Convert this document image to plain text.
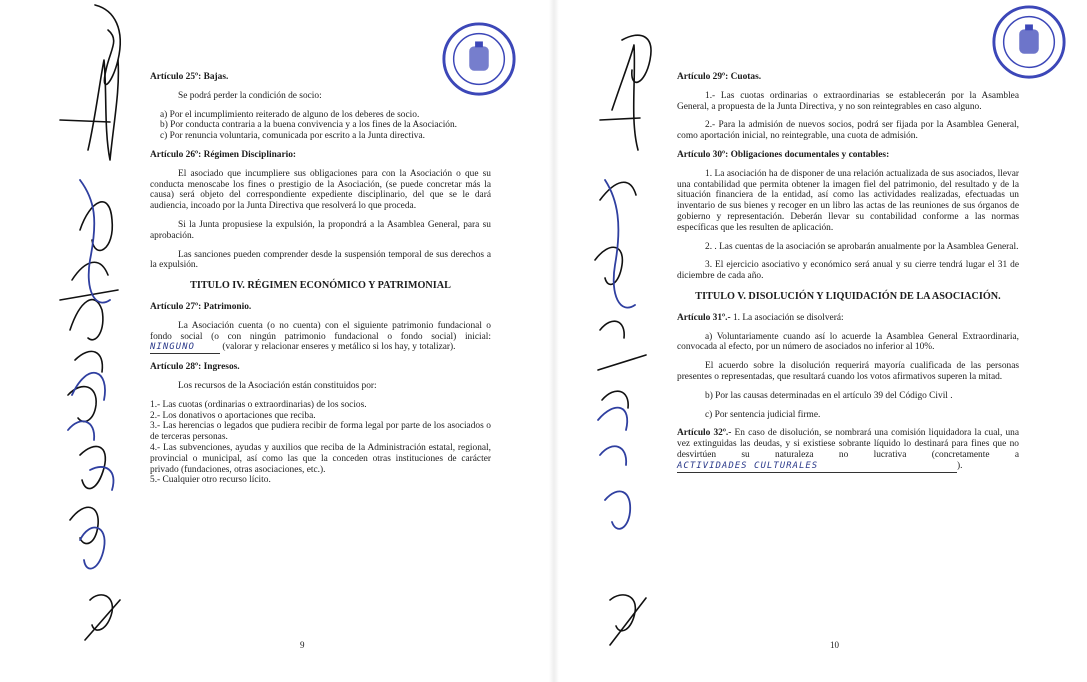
Artículo 25º: Bajas.
Se podrá perder la condición de socio:
a) Por el incumplimiento reiterado de alguno de los deberes de socio.
b) Por conducta contraria a la buena convivencia y a los fines de la Asociación.
c) Por renuncia voluntaria, comunicada por escrito a la Junta directiva.
Artículo 26º: Régimen Disciplinario:
El asociado que incumpliere sus obligaciones para con la Asociación o que su conducta menoscabe los fines o prestigio de la Asociación, (se puede concretar más la causa) será objeto del correspondiente expediente disciplinario, del que se le dará audiencia, incoado por la Junta Directiva que resolverá lo que proceda.
Si la Junta propusiese la expulsión, la propondrá a la Asamblea General, para su aprobación.
Las sanciones pueden comprender desde la suspensión temporal de sus derechos a la expulsión.
TITULO IV. RÉGIMEN ECONÓMICO Y PATRIMONIAL
Artículo 27º: Patrimonio.
La Asociación cuenta (o no cuenta) con el siguiente patrimonio fundacional o fondo social (o con ningún patrimonio fundacional o fondo social) inicial: NINGUNO	(valorar y relacionar enseres y metálico si los hay, y totalizar).
Artículo 28º: Ingresos.
Los recursos de la Asociación están constituidos por:
1.- Las cuotas (ordinarias o extraordinarias) de los socios.
2.- Los donativos o aportaciones que reciba.
3.- Las herencias o legados que pudiera recibir de forma legal por parte de los asociados o de terceras personas.
4.- Las subvenciones, ayudas y auxilios que reciba de la Administración estatal, regional, provincial o municipal, así como las que la conceden otras instituciones de carácter privado (fundaciones, otras asociaciones, etc.).
5.- Cualquier otro recurso lícito.
9
Artículo 29º: Cuotas.
1.- Las cuotas ordinarias o extraordinarias se establecerán por la Asamblea General, a propuesta de la Junta Directiva, y no son reintegrables en caso alguno.
2.- Para la admisión de nuevos socios, podrá ser fijada por la Asamblea General, como aportación inicial, no reintegrable, una cuota de admisión.
Artículo 30º: Obligaciones documentales y contables:
1. La asociación ha de disponer de una relación actualizada de sus asociados, llevar una contabilidad que permita obtener la imagen fiel del patrimonio, del resultado y de la situación financiera de la entidad, así como las actividades realizadas, efectuadas un inventario de sus bienes y recoger en un libro las actas de las reuniones de sus órganos de gobierno y representación. Deberán llevar su contabilidad conforme a las normas específicas que les resulten de aplicación.
2. . Las cuentas de la asociación se aprobarán anualmente por la Asamblea General.
3. El ejercicio asociativo y económico será anual y su cierre tendrá lugar el 31 de diciembre de cada año.
TITULO V. DISOLUCIÓN Y LIQUIDACIÓN DE LA ASOCIACIÓN.
Artículo 31º.- 1. La asociación se disolverá:
a) Voluntariamente cuando así lo acuerde la Asamblea General Extraordinaria, convocada al efecto, por un número de asociados no inferior al 10%.
El acuerdo sobre la disolución requerirá mayoría cualificada de las personas presentes o representadas, que resultará cuando los votos afirmativos superen la mitad.
b) Por las causas determinadas en el artículo 39 del Código Civil .
c) Por sentencia judicial firme.
Artículo 32º.- En caso de disolución, se nombrará una comisión liquidadora la cual, una vez extinguidas las deudas, y si existiese sobrante líquido lo destinará para fines que no desvirtúen su naturaleza no lucrativa (concretamente a ACTIVIDADES CULTURALES	).
10
